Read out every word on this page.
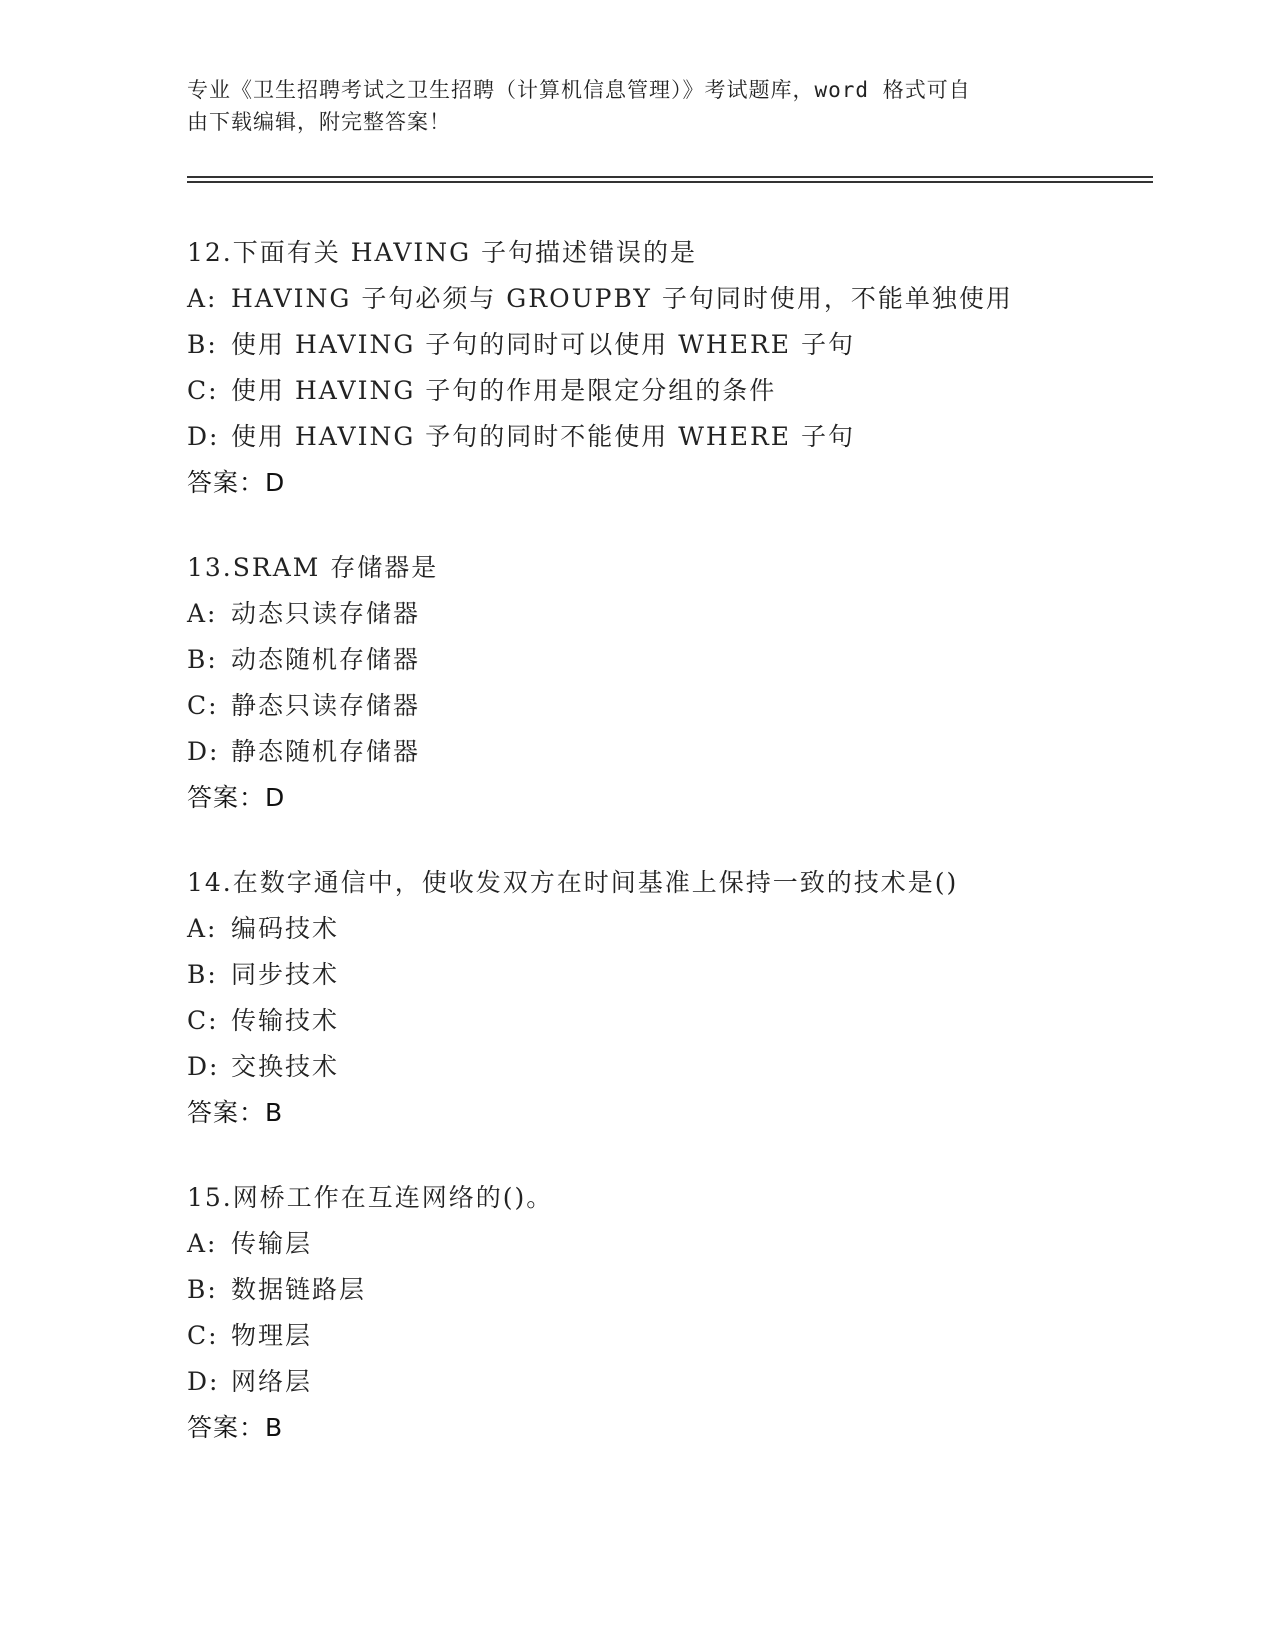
专业《卫生招聘考试之卫生招聘（计算机信息管理）》考试题库，word 格式可自
由下载编辑，附完整答案！
12.下面有关 HAVING 子句描述错误的是
A: HAVING 子句必须与 GROUPBY 子句同时使用，不能单独使用
B: 使用 HAVING 子句的同时可以使用 WHERE 子句
C: 使用 HAVING 子句的作用是限定分组的条件
D: 使用 HAVING 予句的同时不能使用 WHERE 子句
答案：D
13.SRAM 存储器是
A: 动态只读存储器
B: 动态随机存储器
C: 静态只读存储器
D: 静态随机存储器
答案：D
14.在数字通信中，使收发双方在时间基准上保持一致的技术是()
A: 编码技术
B: 同步技术
C: 传输技术
D: 交换技术
答案：B
15.网桥工作在互连网络的()。
A: 传输层
B: 数据链路层
C: 物理层
D: 网络层
答案：B
